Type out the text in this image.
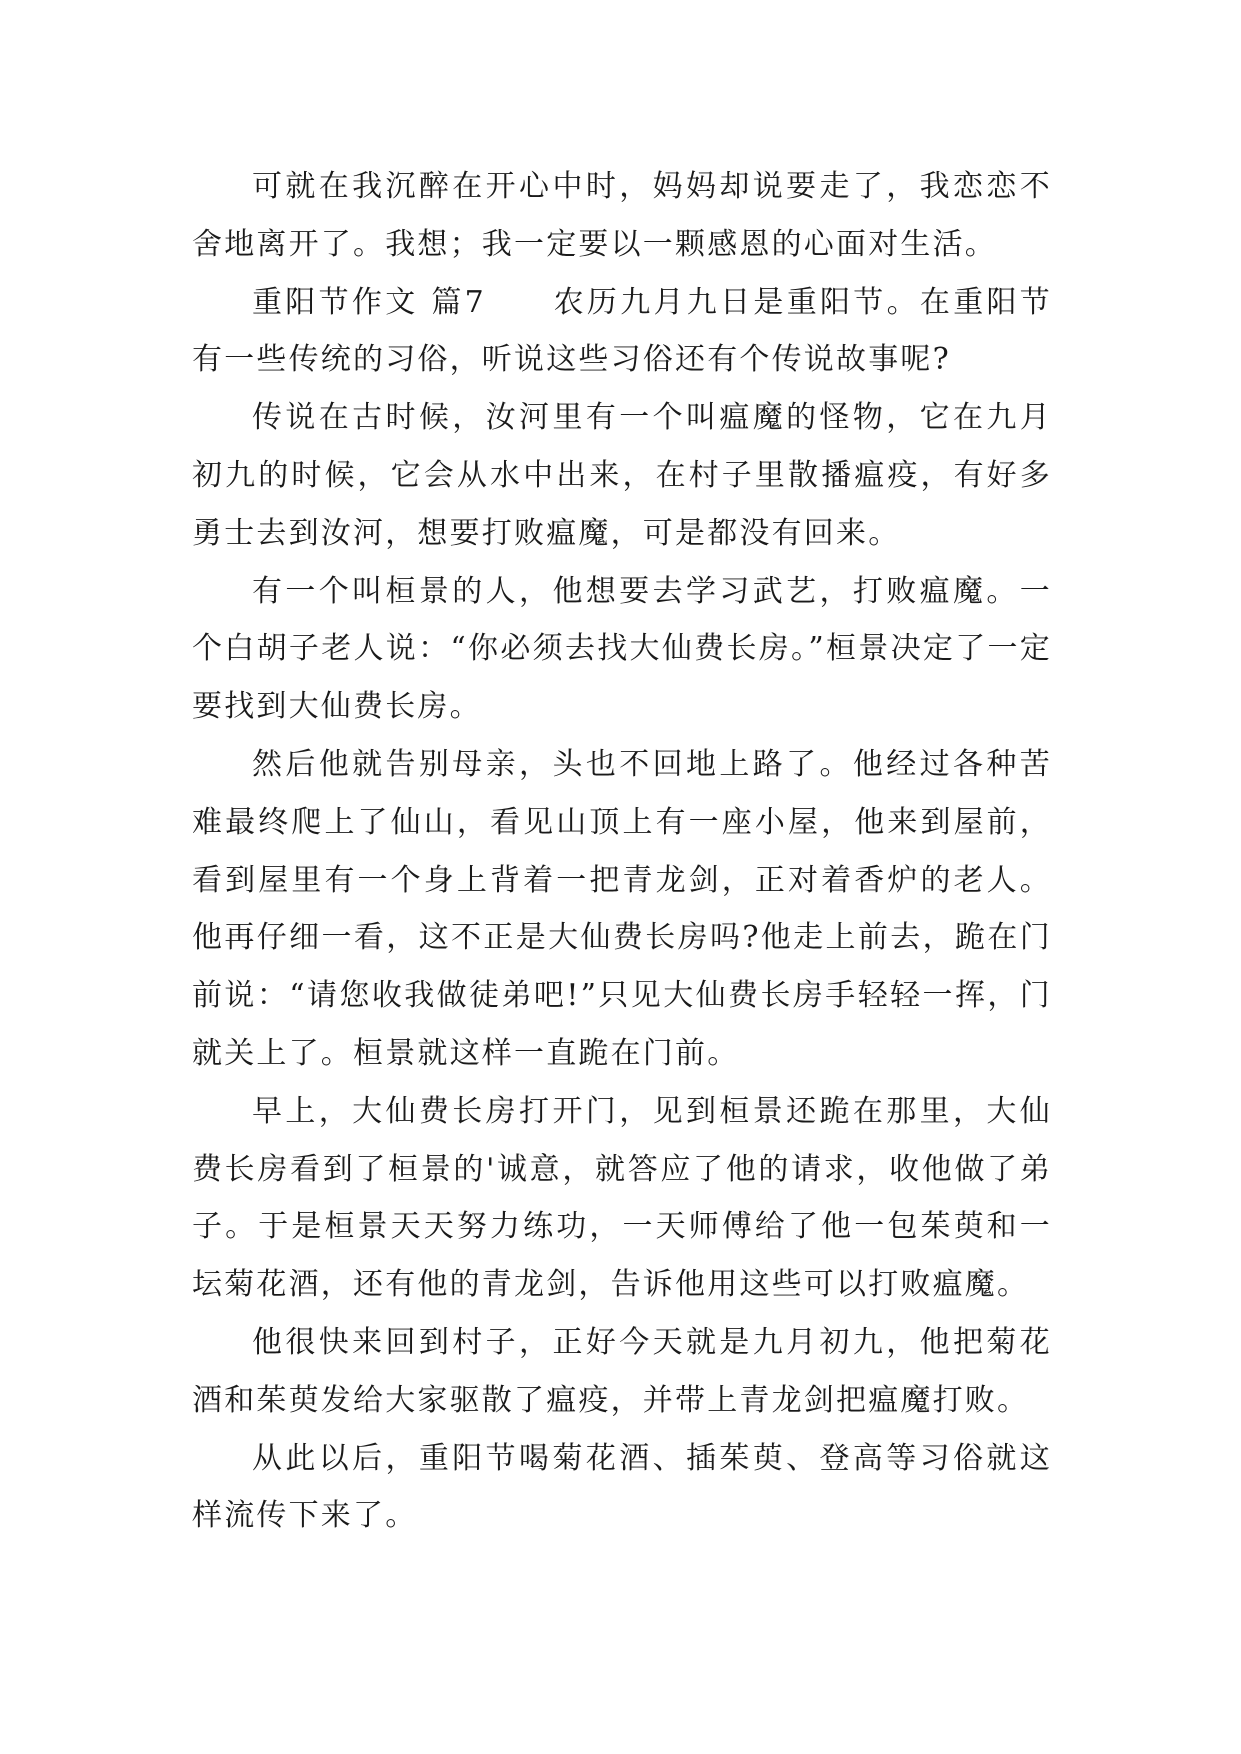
可就在我沉醉在开心中时，妈妈却说要走了，我恋恋不舍地离开了。我想；我一定要以一颗感恩的心面对生活。

重阳节作文 篇7　　农历九月九日是重阳节。在重阳节有一些传统的习俗，听说这些习俗还有个传说故事呢?

传说在古时候，汝河里有一个叫瘟魔的怪物，它在九月初九的时候，它会从水中出来，在村子里散播瘟疫，有好多勇士去到汝河，想要打败瘟魔，可是都没有回来。

有一个叫桓景的人，他想要去学习武艺，打败瘟魔。一个白胡子老人说：“你必须去找大仙费长房。”桓景决定了一定要找到大仙费长房。

然后他就告别母亲，头也不回地上路了。他经过各种苦难最终爬上了仙山，看见山顶上有一座小屋，他来到屋前，看到屋里有一个身上背着一把青龙剑，正对着香炉的老人。他再仔细一看，这不正是大仙费长房吗?他走上前去，跪在门前说：“请您收我做徒弟吧!”只见大仙费长房手轻轻一挥，门就关上了。桓景就这样一直跪在门前。

早上，大仙费长房打开门，见到桓景还跪在那里，大仙费长房看到了桓景的'诚意，就答应了他的请求，收他做了弟子。于是桓景天天努力练功，一天师傅给了他一包茱萸和一坛菊花酒，还有他的青龙剑，告诉他用这些可以打败瘟魔。

他很快来回到村子，正好今天就是九月初九，他把菊花酒和茱萸发给大家驱散了瘟疫，并带上青龙剑把瘟魔打败。

从此以后，重阳节喝菊花酒、插茱萸、登高等习俗就这样流传下来了。
